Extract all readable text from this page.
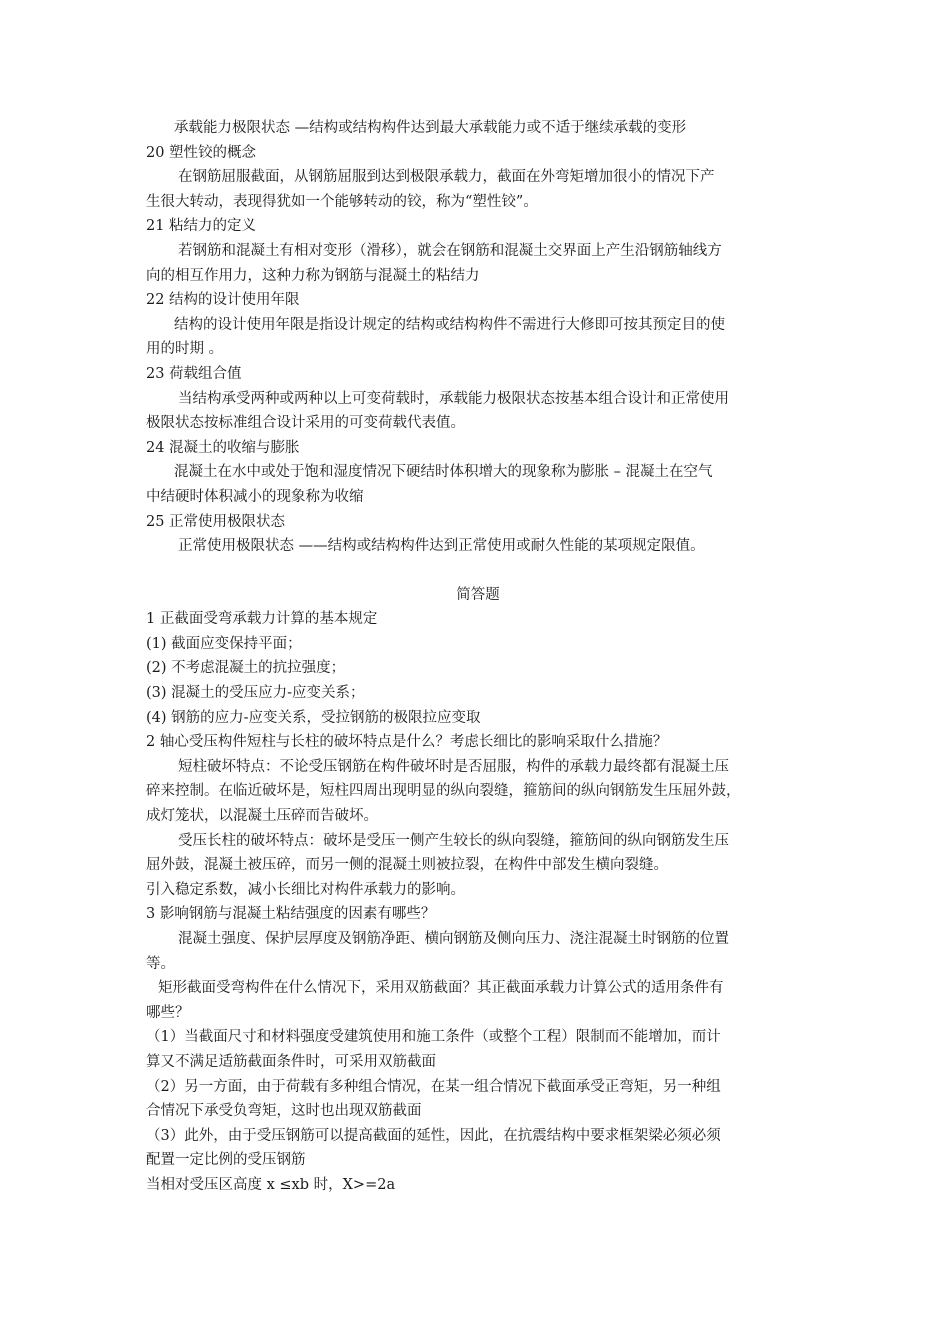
承载能力极限状态 —结构或结构构件达到最大承载能力或不适于继续承载的变形
20 塑性铰的概念
在钢筋屈服截面，从钢筋屈服到达到极限承载力，截面在外弯矩增加很小的情况下产
生很大转动，表现得犹如一个能够转动的铰，称为“塑性铰”。
21 粘结力的定义
若钢筋和混凝土有相对变形（滑移），就会在钢筋和混凝土交界面上产生沿钢筋轴线方
向的相互作用力，这种力称为钢筋与混凝土的粘结力
22 结构的设计使用年限
结构的设计使用年限是指设计规定的结构或结构构件不需进行大修即可按其预定目的使
用的时期 。
23 荷载组合值
当结构承受两种或两种以上可变荷载时，承载能力极限状态按基本组合设计和正常使用
极限状态按标准组合设计采用的可变荷载代表值。
24 混凝土的收缩与膨胀
混凝土在水中或处于饱和湿度情况下硬结时体积增大的现象称为膨胀 – 混凝土在空气
中结硬时体积减小的现象称为收缩
25 正常使用极限状态
正常使用极限状态 ——结构或结构构件达到正常使用或耐久性能的某项规定限值。
简答题
1 正截面受弯承载力计算的基本规定
(1) 截面应变保持平面；
(2) 不考虑混凝土的抗拉强度；
(3) 混凝土的受压应力-应变关系；
(4) 钢筋的应力-应变关系，受拉钢筋的极限拉应变取
2 轴心受压构件短柱与长柱的破坏特点是什么？考虑长细比的影响采取什么措施？
短柱破坏特点：不论受压钢筋在构件破坏时是否屈服，构件的承载力最终都有混凝土压
碎来控制。在临近破坏是，短柱四周出现明显的纵向裂缝，箍筋间的纵向钢筋发生压屈外鼓，
成灯笼状，以混凝土压碎而告破坏。
受压长柱的破坏特点：破坏是受压一侧产生较长的纵向裂缝，箍筋间的纵向钢筋发生压
屈外鼓，混凝土被压碎，而另一侧的混凝土则被拉裂，在构件中部发生横向裂缝。
引入稳定系数，减小长细比对构件承载力的影响。
3 影响钢筋与混凝土粘结强度的因素有哪些？
混凝土强度、保护层厚度及钢筋净距、横向钢筋及侧向压力、浇注混凝土时钢筋的位置
等。
矩形截面受弯构件在什么情况下，采用双筋截面？其正截面承载力计算公式的适用条件有
哪些？
（1）当截面尺寸和材料强度受建筑使用和施工条件（或整个工程）限制而不能增加，而计
算又不满足适筋截面条件时，可采用双筋截面
（2）另一方面，由于荷载有多种组合情况，在某一组合情况下截面承受正弯矩，另一种组
合情况下承受负弯矩，这时也出现双筋截面
（3）此外，由于受压钢筋可以提高截面的延性，因此，在抗震结构中要求框架梁必须必须
配置一定比例的受压钢筋
当相对受压区高度 x ≤xb 时，X>=2a
